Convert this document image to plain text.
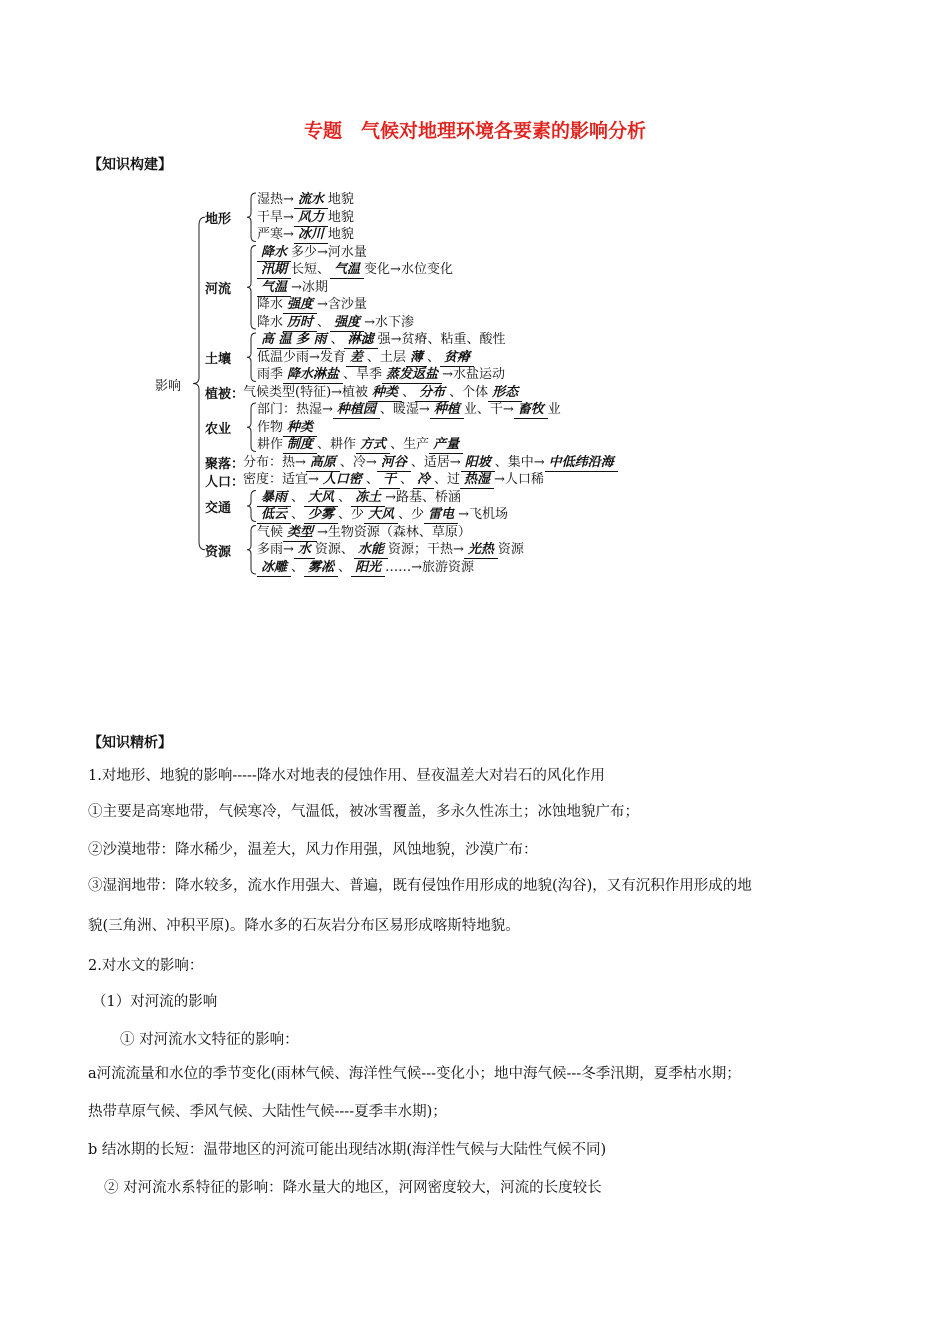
专题　气候对地理环境各要素的影响分析
【知识构建】
影响
湿热→ 流水 地貌
干旱→ 风力 地貌
严寒→ 冰川 地貌
地形
降水 多少→河水量
汛期 长短、 气温 变化→水位变化
气温 →冰期
降水 强度 →含沙量
降水 历时 、 强度 →水下渗
河流
高 温 多 雨 、 淋滤 强→贫瘠、粘重、酸性
低温少雨→发育 差 、土层 薄 、 贫瘠
雨季 降水淋盐 、旱季 蒸发返盐 →水盐运动
土壤
气候类型(特征)→植被 种类 、 分布 、个体 形态
植被：
部门：热湿→ 种植园 、暖湿→ 种植 业、干→ 畜牧 业
作物 种类
耕作 制度 、耕作 方式 、生产 产量
农业
分布：热→ 高原 、冷→ 河谷 、适居→ 阳坡 、集中→ 中低纬沿海
聚落：
密度：适宜→ 人口密 、 干 、 冷 、过 热湿 →人口稀
人口：
暴雨 、 大风 、 冻土 →路基、桥涵
低云 、 少雾 、少 大风 、少 雷电 →飞机场
交通
气候 类型 →生物资源（森林、草原）
多雨→ 水 资源、 水能 资源；干热→ 光热 资源
冰雕 、 雾凇 、 阳光 ……→旅游资源
资源
【知识精析】
1.对地形、地貌的影响-----降水对地表的侵蚀作用、昼夜温差大对岩石的风化作用
①主要是高寒地带，气候寒冷，气温低，被冰雪覆盖，多永久性冻土；冰蚀地貌广布；
②沙漠地带：降水稀少，温差大，风力作用强，风蚀地貌，沙漠广布：
③湿润地带：降水较多，流水作用强大、普遍，既有侵蚀作用形成的地貌(沟谷)，又有沉积作用形成的地
貌(三角洲、冲积平原)。降水多的石灰岩分布区易形成喀斯特地貌。
2.对水文的影响：
（1）对河流的影响
① 对河流水文特征的影响：
a河流流量和水位的季节变化(雨林气候、海洋性气候---变化小；地中海气候---冬季汛期，夏季枯水期；
热带草原气候、季风气候、大陆性气候----夏季丰水期)；
b 结冰期的长短：温带地区的河流可能出现结冰期(海洋性气候与大陆性气候不同)
② 对河流水系特征的影响：降水量大的地区，河网密度较大，河流的长度较长
